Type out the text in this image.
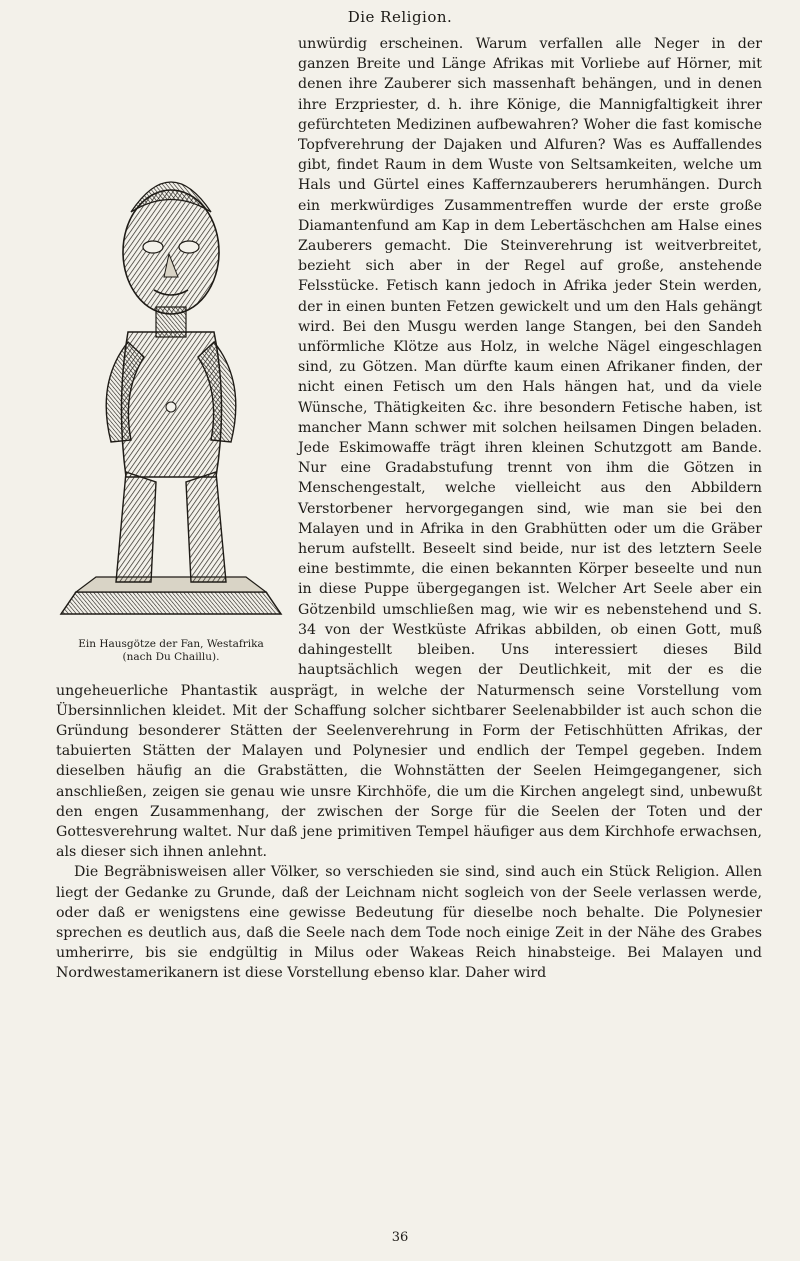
Die Religion.
Ein Hausgötze der Fan, Westafrika
(nach Du Chaillu).

unwürdig erscheinen. Warum verfallen alle Neger in der ganzen Breite und Länge Afrikas mit Vorliebe auf Hörner, mit denen ihre Zauberer sich massenhaft behängen, und in denen ihre Erzpriester, d. h. ihre Könige, die Mannigfaltigkeit ihrer gefürchteten Medizinen aufbewahren? Woher die fast komische Topfverehrung der Dajaken und Alfuren? Was es Auffallendes gibt, findet Raum in dem Wuste von Seltsamkeiten, welche um Hals und Gürtel eines Kaffernzauberers herumhängen. Durch ein merkwürdiges Zusammentreffen wurde der erste große Diamantenfund am Kap in dem Lebertäschchen am Halse eines Zauberers gemacht. Die Steinverehrung ist weitverbreitet, bezieht sich aber in der Regel auf große, anstehende Felsstücke. Fetisch kann jedoch in Afrika jeder Stein werden, der in einen bunten Fetzen gewickelt und um den Hals gehängt wird. Bei den Musgu werden lange Stangen, bei den Sandeh unförmliche Klötze aus Holz, in welche Nägel eingeschlagen sind, zu Götzen. Man dürfte kaum einen Afrikaner finden, der nicht einen Fetisch um den Hals hängen hat, und da viele Wünsche, Thätigkeiten &c. ihre besondern Fetische haben, ist mancher Mann schwer mit solchen heilsamen Dingen beladen. Jede Eskimowaffe trägt ihren kleinen Schutzgott am Bande. Nur eine Gradabstufung trennt von ihm die Götzen in Menschengestalt, welche vielleicht aus den Abbildern Verstorbener hervorgegangen sind, wie man sie bei den Malayen und in Afrika in den Grabhütten oder um die Gräber herum aufstellt. Beseelt sind beide, nur ist des letztern Seele eine bestimmte, die einen bekannten Körper beseelte und nun in diese Puppe übergegangen ist. Welcher Art Seele aber ein Götzenbild umschließen mag, wie wir es nebenstehend und S. 34 von der Westküste Afrikas abbilden, ob einen Gott, muß dahingestellt bleiben. Uns interessiert dieses Bild hauptsächlich wegen der Deutlichkeit, mit der es die ungeheuerliche Phantastik ausprägt, in welche der Naturmensch seine Vorstellung vom Übersinnlichen kleidet. Mit der Schaffung solcher sichtbarer Seelenabbilder ist auch schon die Gründung besonderer Stätten der Seelenverehrung in Form der Fetischhütten Afrikas, der tabuierten Stätten der Malayen und Polynesier und endlich der Tempel gegeben. Indem dieselben häufig an die Grabstätten, die Wohnstätten der Seelen Heimgegangener, sich anschließen, zeigen sie genau wie unsre Kirchhöfe, die um die Kirchen angelegt sind, unbewußt den engen Zusammenhang, der zwischen der Sorge für die Seelen der Toten und der Gottesverehrung waltet. Nur daß jene primitiven Tempel häufiger aus dem Kirchhofe erwachsen, als dieser sich ihnen anlehnt.

Die Begräbnisweisen aller Völker, so verschieden sie sind, sind auch ein Stück Religion. Allen liegt der Gedanke zu Grunde, daß der Leichnam nicht sogleich von der Seele verlassen werde, oder daß er wenigstens eine gewisse Bedeutung für dieselbe noch behalte. Die Polynesier sprechen es deutlich aus, daß die Seele nach dem Tode noch einige Zeit in der Nähe des Grabes umherirre, bis sie endgültig in Milus oder Wakeas Reich hinabsteige. Bei Malayen und Nordwestamerikanern ist diese Vorstellung ebenso klar. Daher wird

36
